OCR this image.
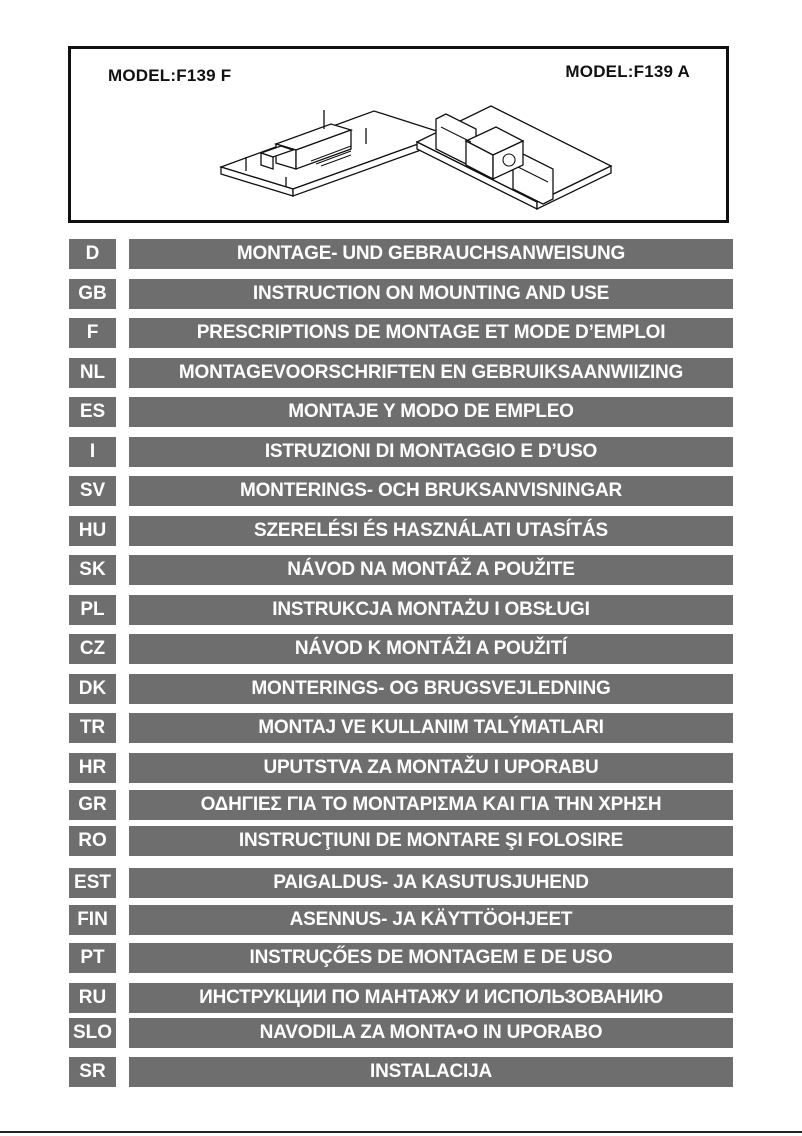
MODEL:F139 F	MODEL:F139 A
D	MONTAGE- UND GEBRAUCHSANWEISUNG
GB	INSTRUCTION ON MOUNTING AND USE
F	PRESCRIPTIONS DE MONTAGE ET MODE D’EMPLOI
NL	MONTAGEVOORSCHRIFTEN EN GEBRUIKSAANWIIZING
ES	MONTAJE Y MODO DE EMPLEO
I	ISTRUZIONI DI MONTAGGIO E D’USO
SV	MONTERINGS- OCH BRUKSANVISNINGAR
HU	SZERELÉSI ÉS HASZNÁLATI UTASÍTÁS
SK	NÁVOD NA MONTÁŽ A POUŽITE
PL	INSTRUKCJA MONTAŻU I OBSŁUGI
CZ	NÁVOD K MONTÁŽI A POUŽITÍ
DK	MONTERINGS- OG BRUGSVEJLEDNING
TR	MONTAJ VE KULLANIM TALÝMATLARI
HR	UPUTSTVA ZA MONTAŽU I UPORABU
GR	ΟΔΗΓΙΕΣ ΓΙΑ ΤΟ ΜΟΝΤΑΡΙΣΜΑ ΚΑΙ ΓΙΑ ΤΗΝ ΧΡΗΣΗ
RO	INSTRUCŢIUNI DE MONTARE ŞI FOLOSIRE
EST	PAIGALDUS- JA KASUTUSJUHEND
FIN	ASENNUS- JA KÄYTTÖOHJEET
PT	INSTRUÇŐES DE MONTAGEM E DE USO
RU	ИНСТРУКЦИИ ПО МАНТАЖУ И ИСПОЛЬЗОВАНИЮ
SLO	NAVODILA ZA MONTA•O IN UPORABO
SR	INSTALACIJA
